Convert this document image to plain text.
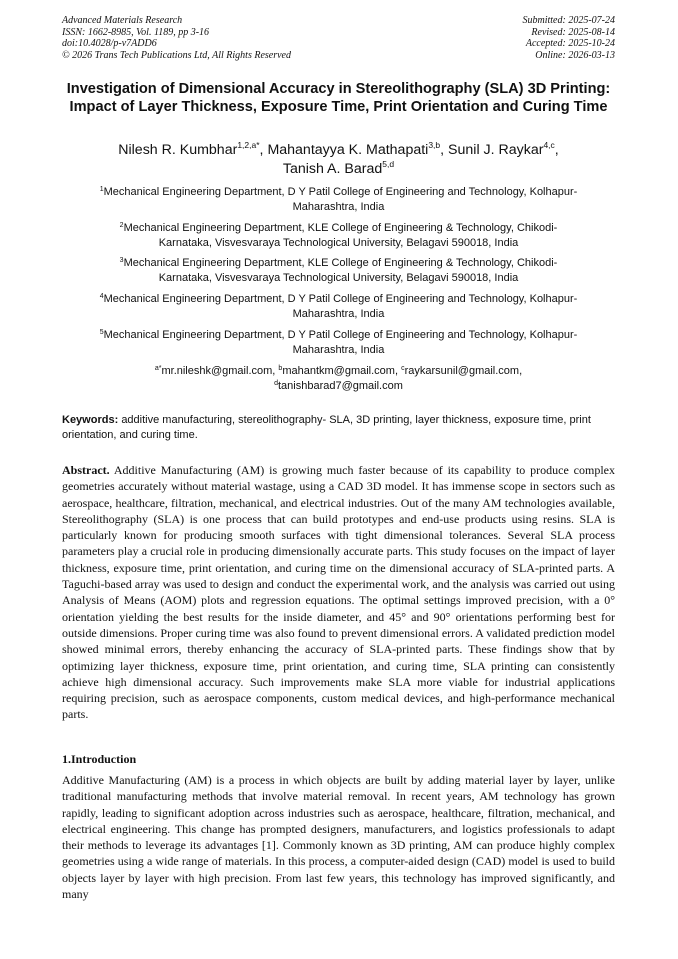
Advanced Materials Research
ISSN: 1662-8985, Vol. 1189, pp 3-16
doi:10.4028/p-v7ADD6
© 2026 Trans Tech Publications Ltd, All Rights Reserved
Submitted: 2025-07-24
Revised: 2025-08-14
Accepted: 2025-10-24
Online: 2026-03-13
Investigation of Dimensional Accuracy in Stereolithography (SLA) 3D Printing: Impact of Layer Thickness, Exposure Time, Print Orientation and Curing Time
Nilesh R. Kumbhar$^{1,2,a*}$, Mahantayya K. Mathapati$^{3,b}$, Sunil J. Raykar$^{4,c}$,
Tanish A. Barad$^{5,d}$
$^1$Mechanical Engineering Department, D Y Patil College of Engineering and Technology, Kolhapur-
Maharashtra, India
$^2$Mechanical Engineering Department, KLE College of Engineering & Technology, Chikodi-
Karnataka, Visvesvaraya Technological University, Belagavi 590018, India
$^3$Mechanical Engineering Department, KLE College of Engineering & Technology, Chikodi-
Karnataka, Visvesvaraya Technological University, Belagavi 590018, India
$^4$Mechanical Engineering Department, D Y Patil College of Engineering and Technology, Kolhapur-
Maharashtra, India
$^5$Mechanical Engineering Department, D Y Patil College of Engineering and Technology, Kolhapur-
Maharashtra, India
$^{a*}$mr.nileshk@gmail.com, $^b$mahantkm@gmail.com, $^c$raykarsunil@gmail.com,
$^d$tanishbarad7@gmail.com
Keywords: additive manufacturing, stereolithography- SLA, 3D printing, layer thickness, exposure time, print orientation, and curing time.
Abstract. Additive Manufacturing (AM) is growing much faster because of its capability to produce complex geometries accurately without material wastage, using a CAD 3D model. It has immense scope in sectors such as aerospace, healthcare, filtration, mechanical, and electrical industries. Out of the many AM technologies available, Stereolithography (SLA) is one process that can build prototypes and end-use products using resins. SLA is particularly known for producing smooth surfaces with tight dimensional tolerances. Several SLA process parameters play a crucial role in producing dimensionally accurate parts. This study focuses on the impact of layer thickness, exposure time, print orientation, and curing time on the dimensional accuracy of SLA-printed parts. A Taguchi-based array was used to design and conduct the experimental work, and the analysis was carried out using Analysis of Means (AOM) plots and regression equations. The optimal settings improved precision, with a 0° orientation yielding the best results for the inside diameter, and 45° and 90° orientations performing best for outside dimensions. Proper curing time was also found to prevent dimensional errors. A validated prediction model showed minimal errors, thereby enhancing the accuracy of SLA-printed parts. These findings show that by optimizing layer thickness, exposure time, print orientation, and curing time, SLA printing can consistently achieve high dimensional accuracy. Such improvements make SLA more viable for industrial applications requiring precision, such as aerospace components, custom medical devices, and high-performance mechanical parts.
1.Introduction
Additive Manufacturing (AM) is a process in which objects are built by adding material layer by layer, unlike traditional manufacturing methods that involve material removal. In recent years, AM technology has grown rapidly, leading to significant adoption across industries such as aerospace, healthcare, filtration, mechanical, and electrical engineering. This change has prompted designers, manufacturers, and logistics professionals to adapt their methods to leverage its advantages [1]. Commonly known as 3D printing, AM can produce highly complex geometries using a wide range of materials. In this process, a computer-aided design (CAD) model is used to build objects layer by layer with high precision. From last few years, this technology has improved significantly, and many
